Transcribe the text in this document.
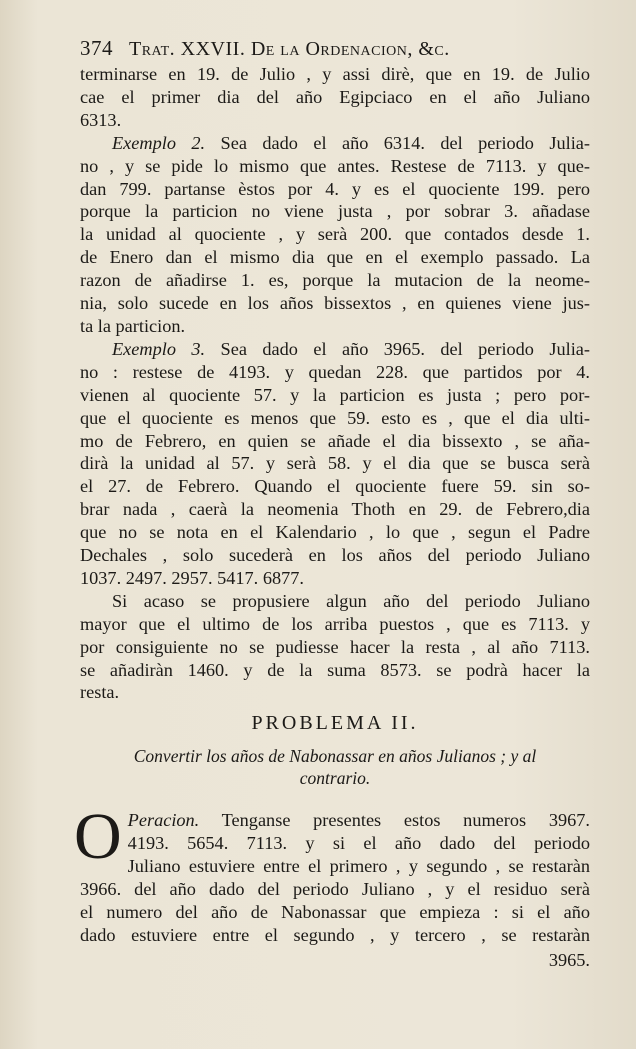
374 Trat. XXVII. De la Ordenacion, &c.
terminarse en 19. de Julio , y assi dirè, que en 19. de Julio
cae el primer dia del año Egipciaco en el año Juliano
6313.
Exemplo 2. Sea dado el año 6314. del periodo Julia-
no , y se pide lo mismo que antes. Restese de 7113. y que-
dan 799. partanse èstos por 4. y es el quociente 199. pero
porque la particion no viene justa , por sobrar 3. añadase
la unidad al quociente , y serà 200. que contados desde 1.
de Enero dan el mismo dia que en el exemplo passado. La
razon de añadirse 1. es, porque la mutacion de la neome-
nia, solo sucede en los años bissextos , en quienes viene jus-
ta la particion.
Exemplo 3. Sea dado el año 3965. del periodo Julia-
no : restese de 4193. y quedan 228. que partidos por 4.
vienen al quociente 57. y la particion es justa ; pero por-
que el quociente es menos que 59. esto es , que el dia ulti-
mo de Febrero, en quien se añade el dia bissexto , se aña-
dirà la unidad al 57. y serà 58. y el dia que se busca serà
el 27. de Febrero. Quando el quociente fuere 59. sin so-
brar nada , caerà la neomenia Thoth en 29. de Febrero,dia
que no se nota en el Kalendario , lo que , segun el Padre
Dechales , solo sucederà en los años del periodo Juliano
1037. 2497. 2957. 5417. 6877.
Si acaso se propusiere algun año del periodo Juliano
mayor que el ultimo de los arriba puestos , que es 7113. y
por consiguiente no se pudiesse hacer la resta , al año 7113.
se añadiràn 1460. y de la suma 8573. se podrà hacer la
resta.
PROBLEMA II.
Convertir los años de Nabonassar en años Julianos ; y al
contrario.
O Peracion. Tenganse presentes estos numeros 3967.
4193. 5654. 7113. y si el año dado del periodo
Juliano estuviere entre el primero , y segundo , se restaràn
3966. del año dado del periodo Juliano , y el residuo serà
el numero del año de Nabonassar que empieza : si el año
dado estuviere entre el segundo , y tercero , se restaràn
3965.
